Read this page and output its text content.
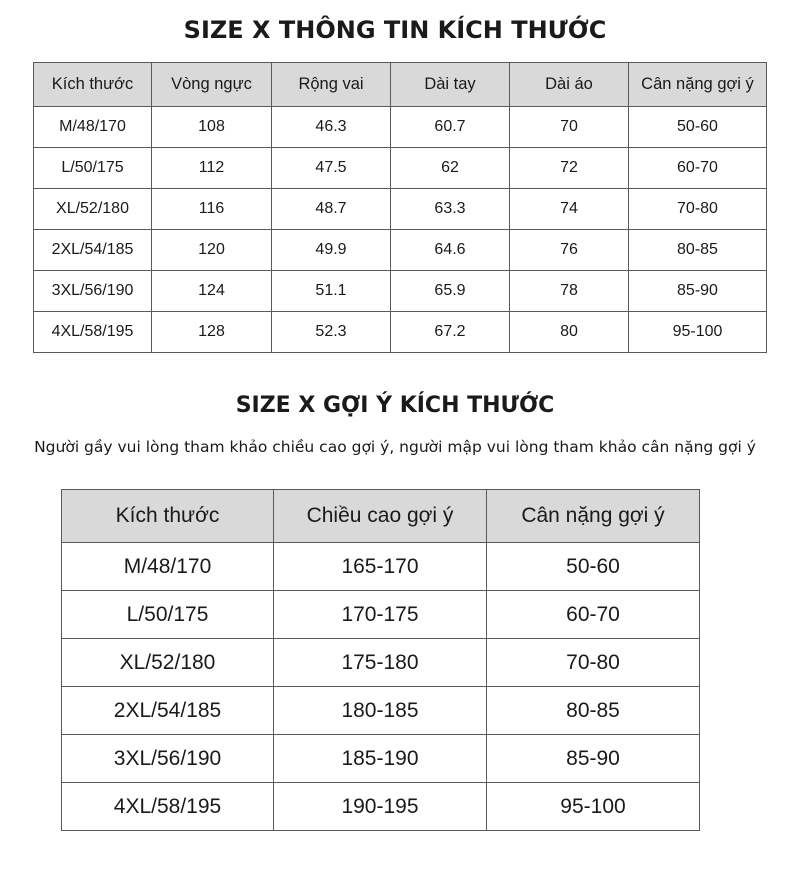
SIZE X THÔNG TIN KÍCH THƯỚC
Kích thước	Vòng ngực	Rộng vai	Dài tay	Dài áo	Cân nặng gợi ý
M/48/170	108	46.3	60.7	70	50-60
L/50/175	112	47.5	62	72	60-70
XL/52/180	116	48.7	63.3	74	70-80
2XL/54/185	120	49.9	64.6	76	80-85
3XL/56/190	124	51.1	65.9	78	85-90
4XL/58/195	128	52.3	67.2	80	95-100
SIZE X GỢI Ý KÍCH THƯỚC
Người gầy vui lòng tham khảo chiều cao gợi ý, người mập vui lòng tham khảo cân nặng gợi ý
Kích thước	Chiều cao gợi ý	Cân nặng gợi ý
M/48/170	165-170	50-60
L/50/175	170-175	60-70
XL/52/180	175-180	70-80
2XL/54/185	180-185	80-85
3XL/56/190	185-190	85-90
4XL/58/195	190-195	95-100
